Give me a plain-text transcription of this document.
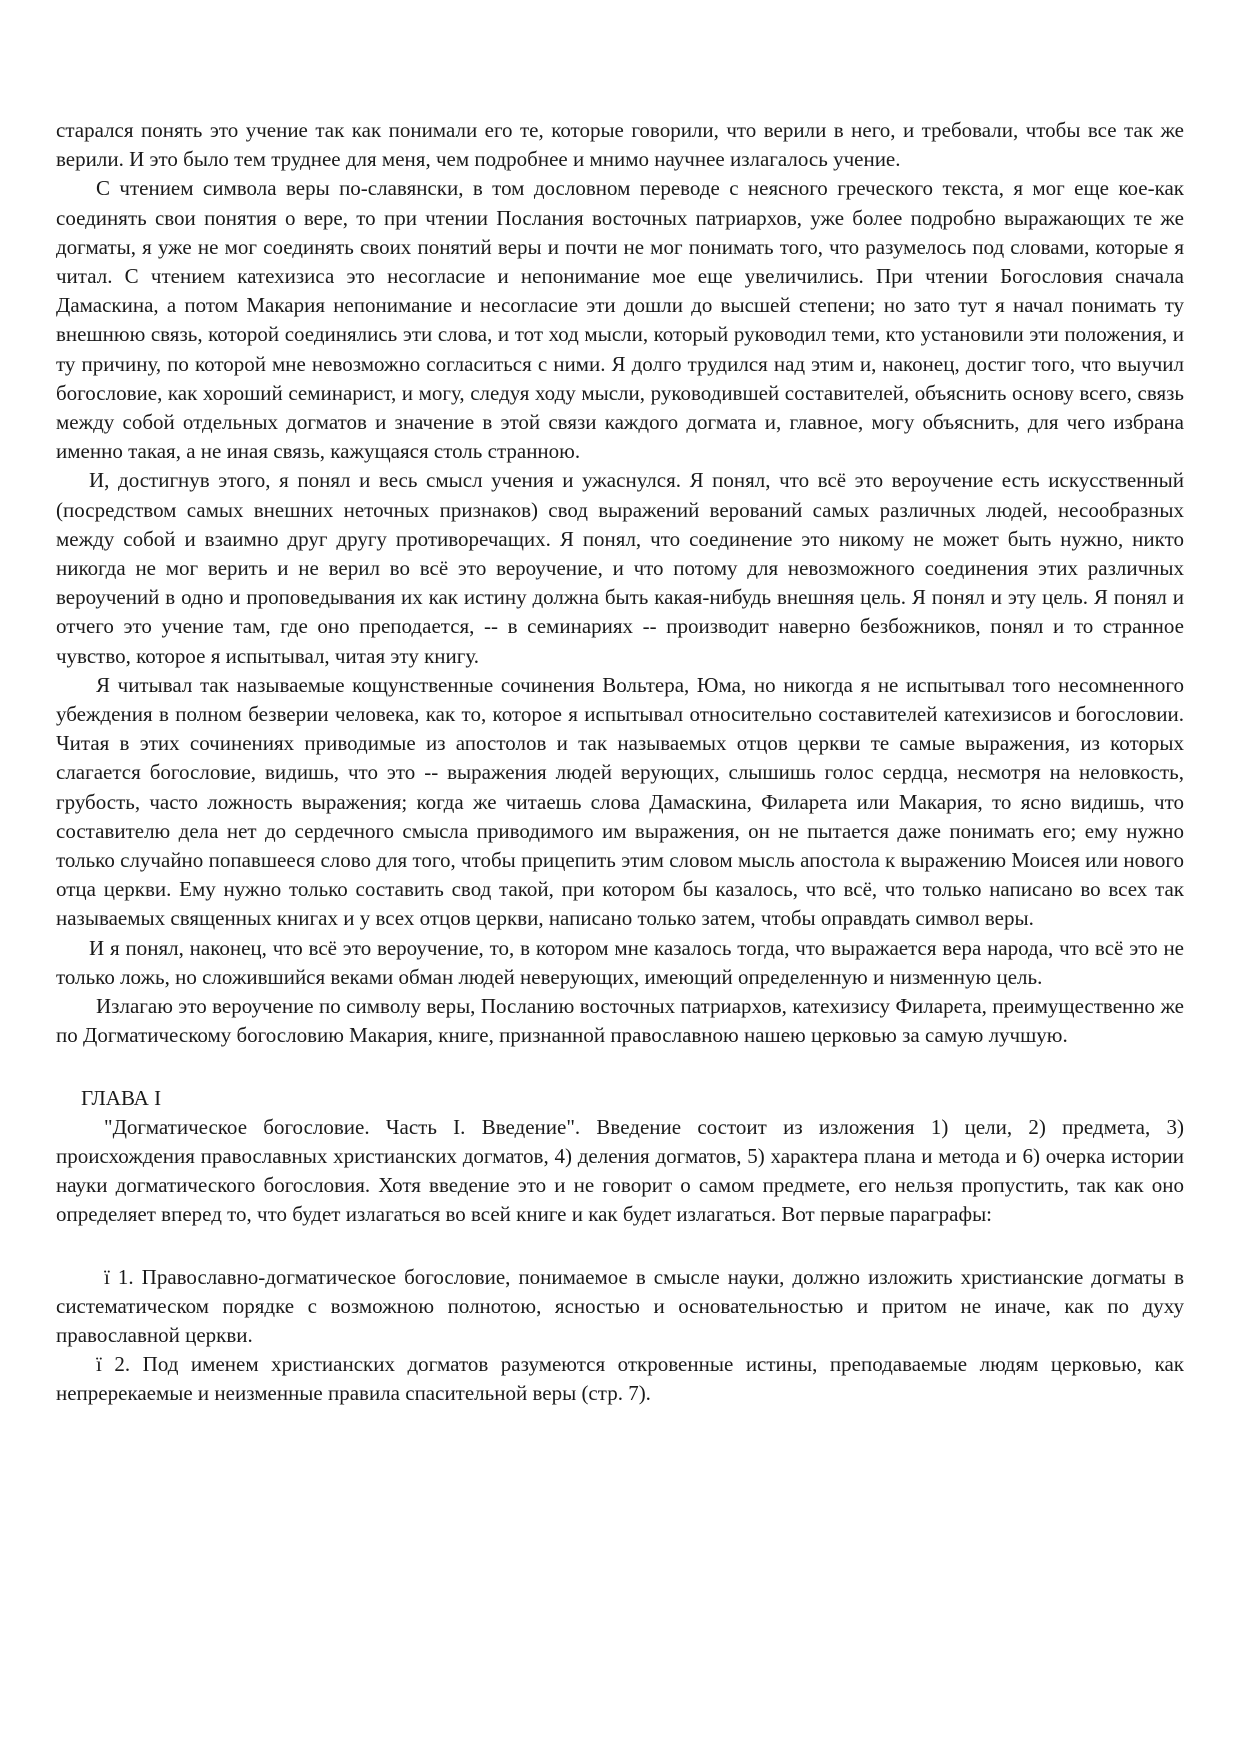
старался понять это учение так как понимали его те, которые говорили, что верили в него, и требовали, чтобы все так же верили. И это было тем труднее для меня, чем подробнее и мнимо научнее излагалось учение.

С чтением символа веры по-славянски, в том дословном переводе с неясного греческого текста, я мог еще кое-как соединять свои понятия о вере, то при чтении Послания восточных патриархов, уже более подробно выражающих те же догматы, я уже не мог соединять своих понятий веры и почти не мог понимать того, что разумелось под словами, которые я читал. С чтением катехизиса это несогласие и непонимание мое еще увеличились. При чтении Богословия сначала Дамаскина, а потом Макария непонимание и несогласие эти дошли до высшей степени; но зато тут я начал понимать ту внешнюю связь, которой соединялись эти слова, и тот ход мысли, который руководил теми, кто установили эти положения, и ту причину, по которой мне невозможно согласиться с ними. Я долго трудился над этим и, наконец, достиг того, что выучил богословие, как хороший семинарист, и могу, следуя ходу мысли, руководившей составителей, объяснить основу всего, связь между собой отдельных догматов и значение в этой связи каждого догмата и, главное, могу объяснить, для чего избрана именно такая, а не иная связь, кажущаяся столь странною.

И, достигнув этого, я понял и весь смысл учения и ужаснулся. Я понял, что всё это вероучение есть искусственный (посредством самых внешних неточных признаков) свод выражений верований самых различных людей, несообразных между собой и взаимно друг другу противоречащих. Я понял, что соединение это никому не может быть нужно, никто никогда не мог верить и не верил во всё это вероучение, и что потому для невозможного соединения этих различных вероучений в одно и проповедывания их как истину должна быть какая-нибудь внешняя цель. Я понял и эту цель. Я понял и отчего это учение там, где оно преподается, -- в семинариях -- производит наверно безбожников, понял и то странное чувство, которое я испытывал, читая эту книгу.

Я читывал так называемые кощунственные сочинения Вольтера, Юма, но никогда я не испытывал того несомненного убеждения в полном безверии человека, как то, которое я испытывал относительно составителей катехизисов и богословии. Читая в этих сочинениях приводимые из апостолов и так называемых отцов церкви те самые выражения, из которых слагается богословие, видишь, что это -- выражения людей верующих, слышишь голос сердца, несмотря на неловкость, грубость, часто ложность выражения; когда же читаешь слова Дамаскина, Филарета или Макария, то ясно видишь, что составителю дела нет до сердечного смысла приводимого им выражения, он не пытается даже понимать его; ему нужно только случайно попавшееся слово для того, чтобы прицепить этим словом мысль апостола к выражению Моисея или нового отца церкви. Ему нужно только составить свод такой, при котором бы казалось, что всё, что только написано во всех так называемых священных книгах и у всех отцов церкви, написано только затем, чтобы оправдать символ веры.

И я понял, наконец, что всё это вероучение, то, в котором мне казалось тогда, что выражается вера народа, что всё это не только ложь, но сложившийся веками обман людей неверующих, имеющий определенную и низменную цель.

Излагаю это вероучение по символу веры, Посланию восточных патриархов, катехизису Филарета, преимущественно же по Догматическому богословию Макария, книге, признанной православною нашею церковью за самую лучшую.

ГЛАВА I

"Догматическое богословие. Часть I. Введение". Введение состоит из изложения 1) цели, 2) предмета, 3) происхождения православных христианских догматов, 4) деления догматов, 5) характера плана и метода и 6) очерка истории науки догматического богословия. Хотя введение это и не говорит о самом предмете, его нельзя пропустить, так как оно определяет вперед то, что будет излагаться во всей книге и как будет излагаться. Вот первые параграфы:

ї 1. Православно-догматическое богословие, понимаемое в смысле науки, должно изложить христианские догматы в систематическом порядке с возможною полнотою, ясностью и основательностью и притом не иначе, как по духу православной церкви.

ї 2. Под именем христианских догматов разумеются откровенные истины, преподаваемые людям церковью, как непререкаемые и неизменные правила спасительной веры (стр. 7).
